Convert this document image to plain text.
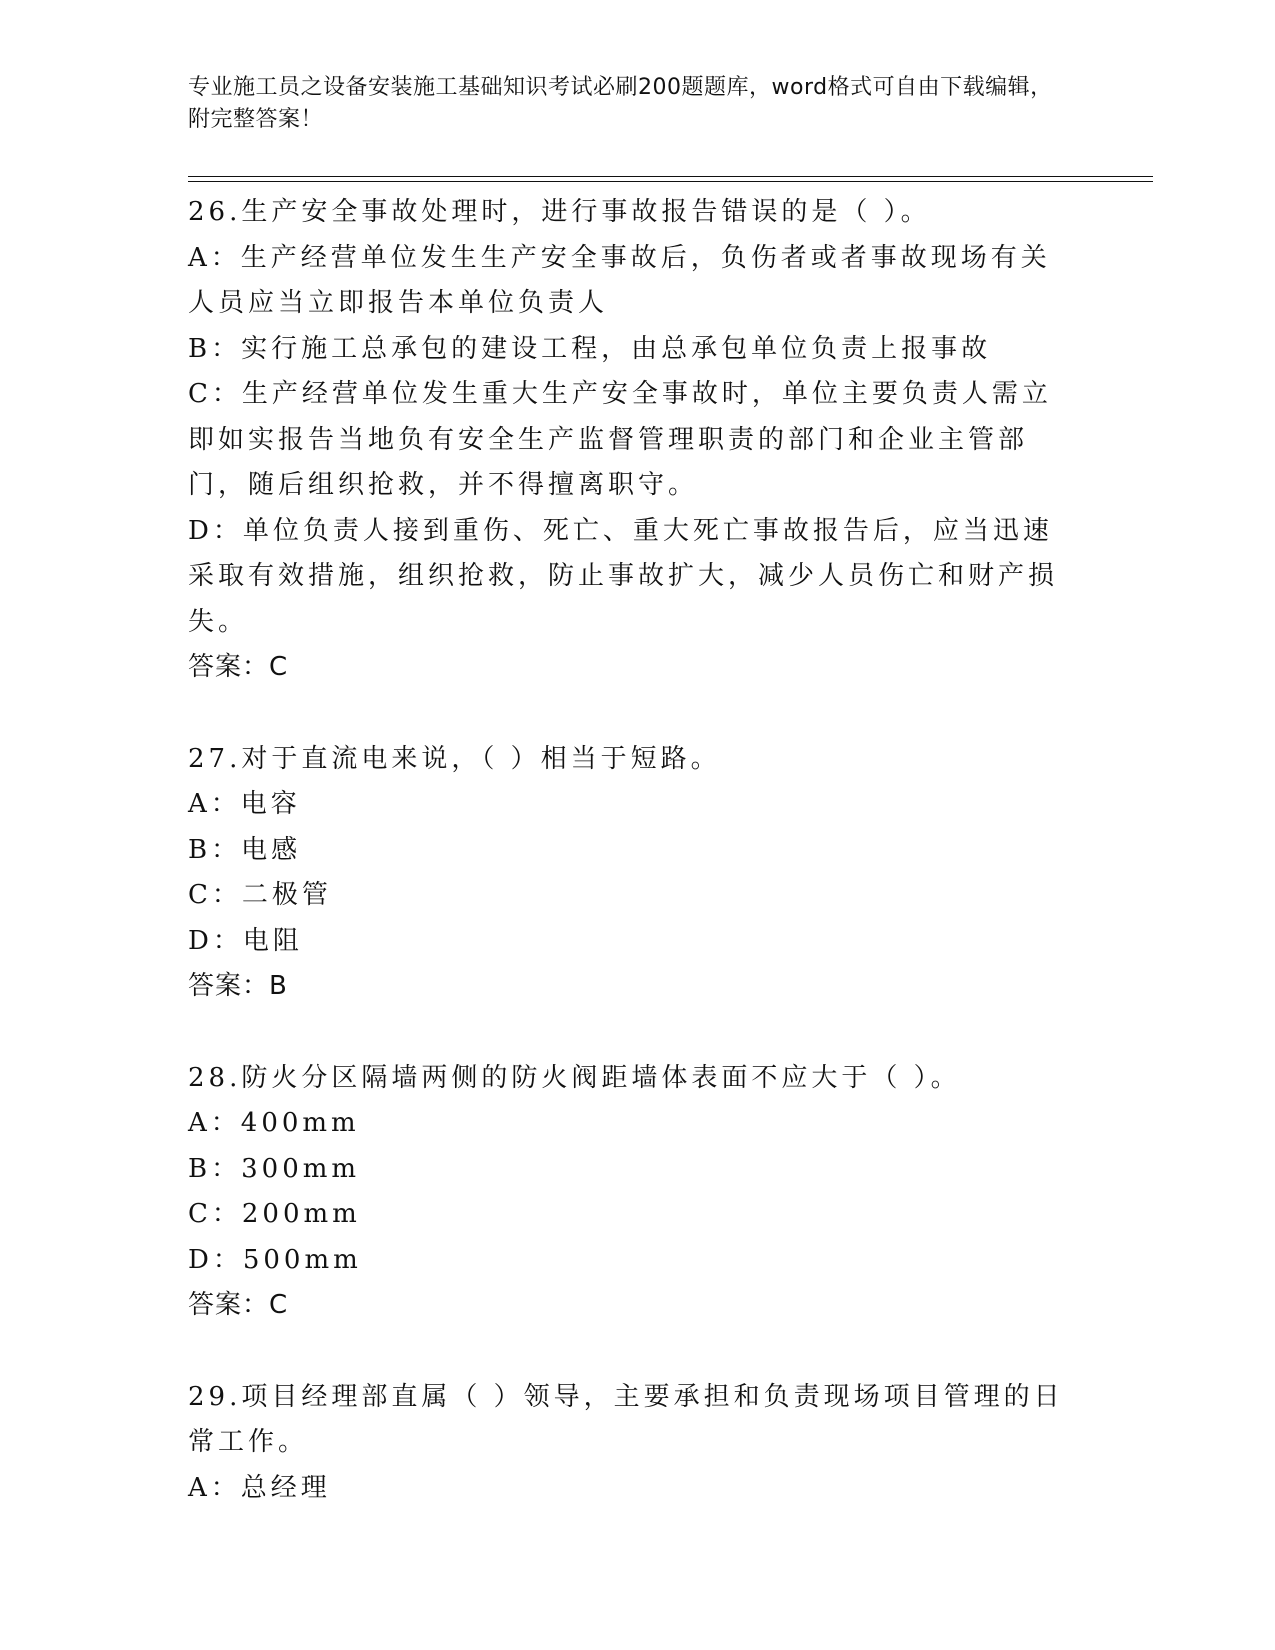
专业施工员之设备安装施工基础知识考试必刷200题题库，word格式可自由下载编辑，附完整答案！
26.生产安全事故处理时，进行事故报告错误的是（ ）。
A：生产经营单位发生生产安全事故后，负伤者或者事故现场有关人员应当立即报告本单位负责人
B：实行施工总承包的建设工程，由总承包单位负责上报事故
C：生产经营单位发生重大生产安全事故时，单位主要负责人需立即如实报告当地负有安全生产监督管理职责的部门和企业主管部门，随后组织抢救，并不得擅离职守。
D：单位负责人接到重伤、死亡、重大死亡事故报告后，应当迅速采取有效措施，组织抢救，防止事故扩大，减少人员伤亡和财产损失。
答案：C
27.对于直流电来说，（ ）相当于短路。
A：电容
B：电感
C：二极管
D：电阻
答案：B
28.防火分区隔墙两侧的防火阀距墙体表面不应大于（ ）。
A：400mm
B：300mm
C：200mm
D：500mm
答案：C
29.项目经理部直属（ ）领导，主要承担和负责现场项目管理的日常工作。
A：总经理
